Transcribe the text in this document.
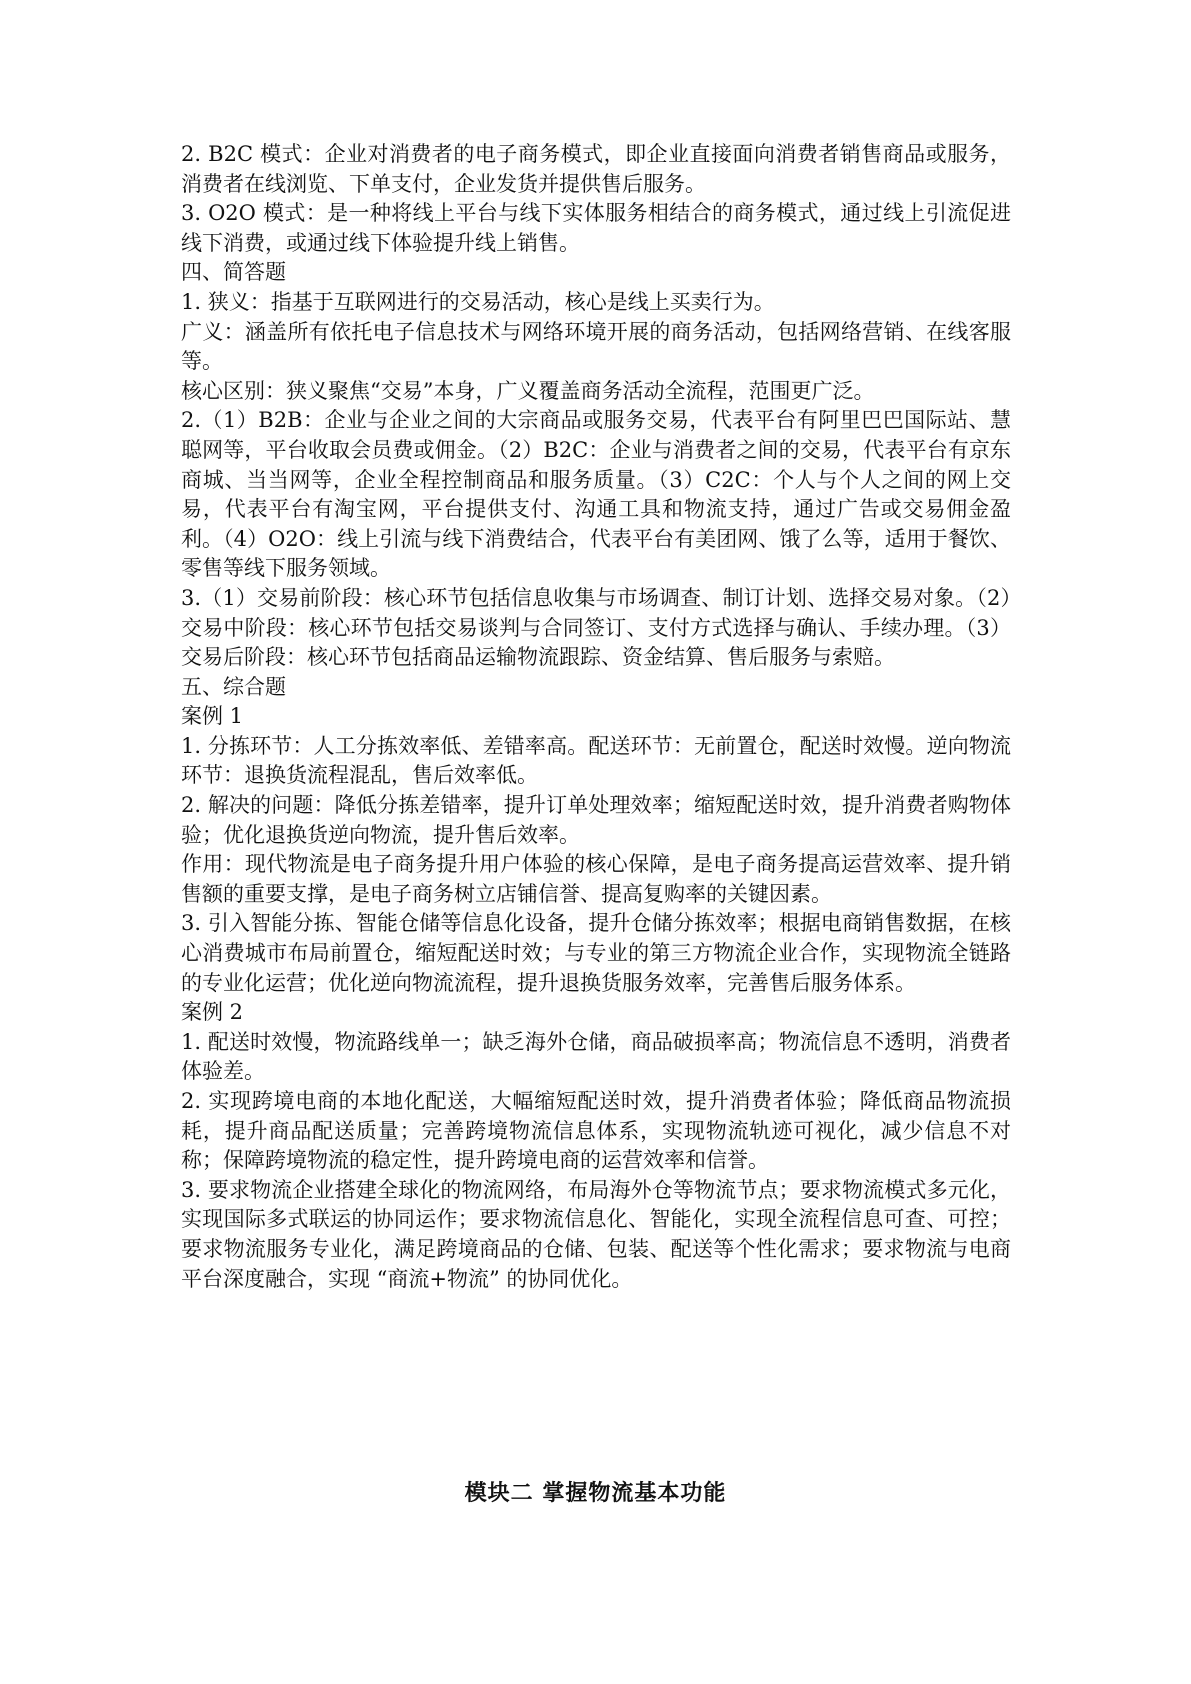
2. B2C 模式：企业对消费者的电子商务模式，即企业直接面向消费者销售商品或服务，消费者在线浏览、下单支付，企业发货并提供售后服务。

3. O2O 模式：是一种将线上平台与线下实体服务相结合的商务模式，通过线上引流促进线下消费，或通过线下体验提升线上销售。

四、简答题

1. 狭义：指基于互联网进行的交易活动，核心是线上买卖行为。

广义：涵盖所有依托电子信息技术与网络环境开展的商务活动，包括网络营销、在线客服等。

核心区别：狭义聚焦“交易”本身，广义覆盖商务活动全流程，范围更广泛。

2.（1）B2B：企业与企业之间的大宗商品或服务交易，代表平台有阿里巴巴国际站、慧聪网等，平台收取会员费或佣金。（2）B2C：企业与消费者之间的交易，代表平台有京东商城、当当网等，企业全程控制商品和服务质量。（3）C2C：个人与个人之间的网上交易，代表平台有淘宝网，平台提供支付、沟通工具和物流支持，通过广告或交易佣金盈利。（4）O2O：线上引流与线下消费结合，代表平台有美团网、饿了么等，适用于餐饮、零售等线下服务领域。

3.（1）交易前阶段：核心环节包括信息收集与市场调查、制订计划、选择交易对象。（2）交易中阶段：核心环节包括交易谈判与合同签订、支付方式选择与确认、手续办理。（3）交易后阶段：核心环节包括商品运输物流跟踪、资金结算、售后服务与索赔。

五、综合题

案例 1

1. 分拣环节：人工分拣效率低、差错率高。配送环节：无前置仓，配送时效慢。逆向物流环节：退换货流程混乱，售后效率低。

2. 解决的问题：降低分拣差错率，提升订单处理效率；缩短配送时效，提升消费者购物体验；优化退换货逆向物流，提升售后效率。

作用：现代物流是电子商务提升用户体验的核心保障，是电子商务提高运营效率、提升销售额的重要支撑，是电子商务树立店铺信誉、提高复购率的关键因素。

3. 引入智能分拣、智能仓储等信息化设备，提升仓储分拣效率；根据电商销售数据，在核心消费城市布局前置仓，缩短配送时效；与专业的第三方物流企业合作，实现物流全链路的专业化运营；优化逆向物流流程，提升退换货服务效率，完善售后服务体系。

案例 2

1. 配送时效慢，物流路线单一；缺乏海外仓储，商品破损率高；物流信息不透明，消费者体验差。

2. 实现跨境电商的本地化配送，大幅缩短配送时效，提升消费者体验；降低商品物流损耗，提升商品配送质量；完善跨境物流信息体系，实现物流轨迹可视化，减少信息不对称；保障跨境物流的稳定性，提升跨境电商的运营效率和信誉。

3. 要求物流企业搭建全球化的物流网络，布局海外仓等物流节点；要求物流模式多元化，实现国际多式联运的协同运作；要求物流信息化、智能化，实现全流程信息可查、可控；要求物流服务专业化，满足跨境商品的仓储、包装、配送等个性化需求；要求物流与电商平台深度融合，实现 “商流+物流” 的协同优化。

模块二 掌握物流基本功能
